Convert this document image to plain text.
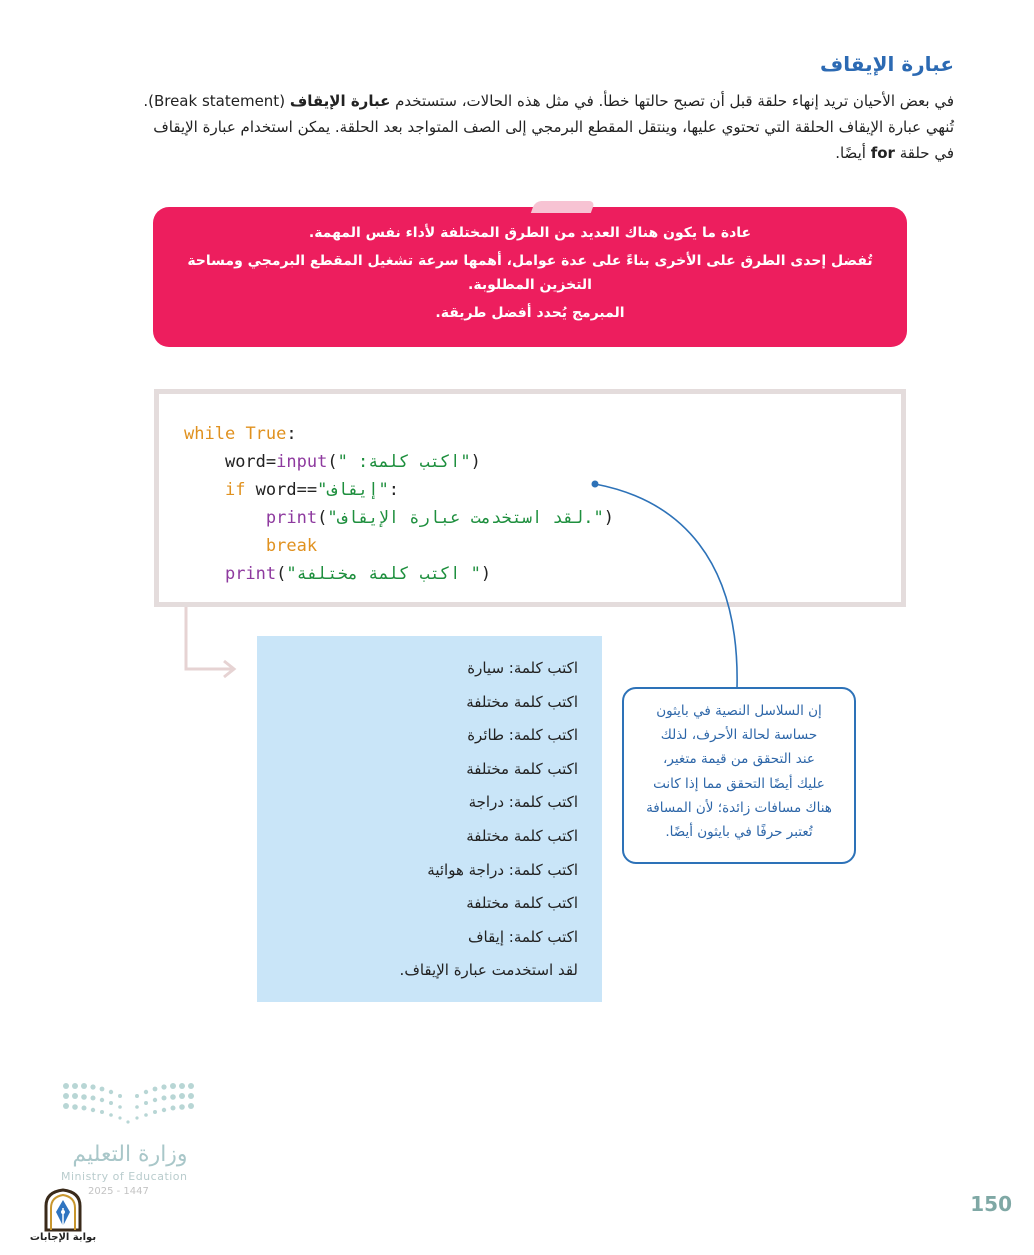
عبارة الإيقاف

في بعض الأحيان تريد إنهاء حلقة قبل أن تصبح حالتها خطأ. في مثل هذه الحالات، ستستخدم عبارة الإيقاف (Break statement).

تُنهي عبارة الإيقاف الحلقة التي تحتوي عليها، وينتقل المقطع البرمجي إلى الصف المتواجد بعد الحلقة. يمكن استخدام عبارة الإيقاف

في حلقة for أيضًا.

عادة ما يكون هناك العديد من الطرق المختلفة لأداء نفس المهمة.

تُفضل إحدى الطرق على الأخرى بناءً على عدة عوامل، أهمها سرعة تشغيل المقطع البرمجي ومساحة التخزين المطلوبة.

المبرمج يُحدد أفضل طريقة.

while True:
word=input(" :اكتب كلمة")
if word=="إيقاف":
print("لقد استخدمت عبارة الإيقاف.")
break
print("اكتب كلمة مختلفة ")
اكتب كلمة: سيارة
اكتب كلمة مختلفة
اكتب كلمة: طائرة
اكتب كلمة مختلفة
اكتب كلمة: دراجة
اكتب كلمة مختلفة
اكتب كلمة: دراجة هوائية
اكتب كلمة مختلفة
اكتب كلمة: إيقاف
لقد استخدمت عبارة الإيقاف.
إن السلاسل النصية في بايثون
حساسة لحالة الأحرف، لذلك
عند التحقق من قيمة متغير،
عليك أيضًا التحقق مما إذا كانت
هناك مسافات زائدة؛ لأن المسافة
تُعتبر حرفًا في بايثون أيضًا.
وزارة التعليم
Ministry of Education
2025 - 1447
150
بوابة الإجابات
